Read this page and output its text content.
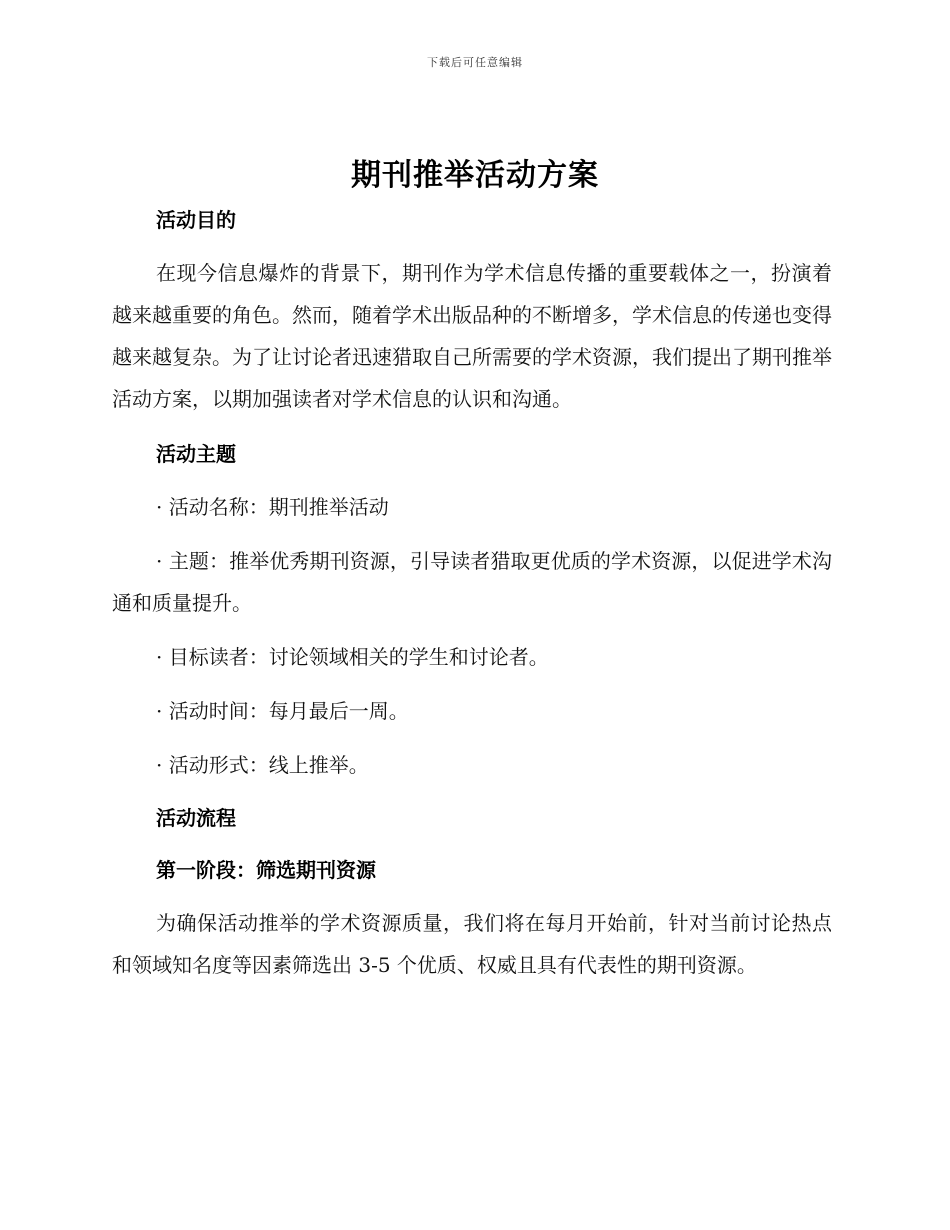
下载后可任意编辑
期刊推举活动方案
活动目的

在现今信息爆炸的背景下，期刊作为学术信息传播的重要载体之一，扮演着越来越重要的角色。然而，随着学术出版品种的不断增多，学术信息的传递也变得越来越复杂。为了让讨论者迅速猎取自己所需要的学术资源，我们提出了期刊推举活动方案，以期加强读者对学术信息的认识和沟通。

活动主题

· 活动名称：期刊推举活动

· 主题：推举优秀期刊资源，引导读者猎取更优质的学术资源，以促进学术沟通和质量提升。

· 目标读者：讨论领域相关的学生和讨论者。

· 活动时间：每月最后一周。

· 活动形式：线上推举。

活动流程
第一阶段：筛选期刊资源

为确保活动推举的学术资源质量，我们将在每月开始前，针对当前讨论热点和领域知名度等因素筛选出 3-5 个优质、权威且具有代表性的期刊资源。
